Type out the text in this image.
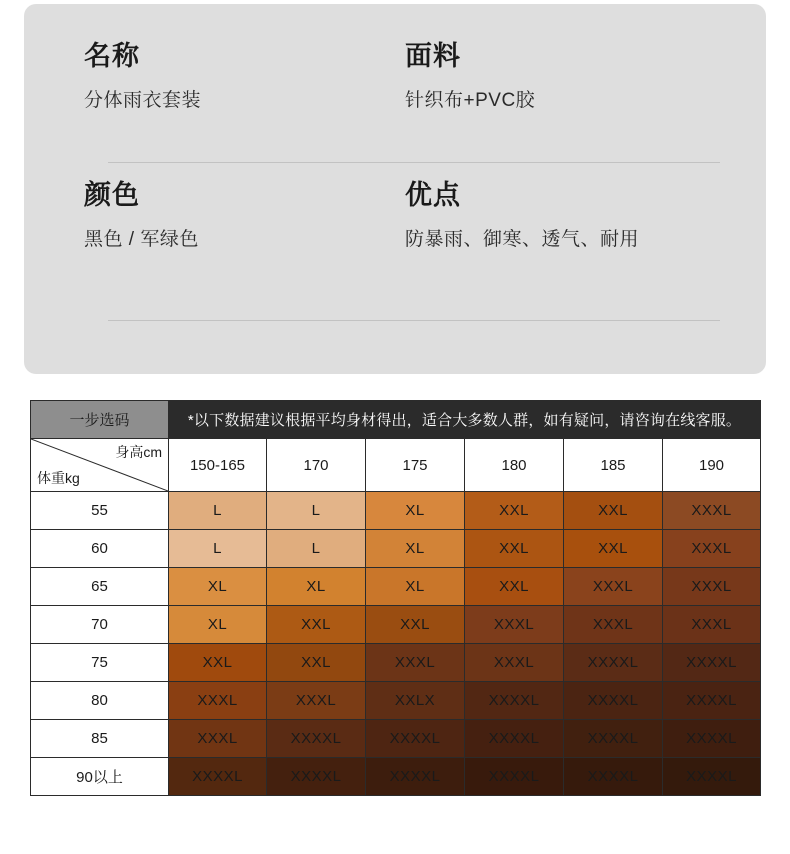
名称
分体雨衣套装
面料
针织布+PVC胶
颜色
黑色 / 军绿色
优点
防暴雨、御寒、透气、耐用
一步选码	*以下数据建议根据平均身材得出，适合大多数人群，如有疑问，请咨询在线客服。					

身高cm
体重kg	150-165	170	175	180	185	190
55	L	L	XL	XXL	XXL	XXXL
60	L	L	XL	XXL	XXL	XXXL
65	XL	XL	XL	XXL	XXXL	XXXL
70	XL	XXL	XXL	XXXL	XXXL	XXXL
75	XXL	XXL	XXXL	XXXL	XXXXL	XXXXL
80	XXXL	XXXL	XXLX	XXXXL	XXXXL	XXXXL
85	XXXL	XXXXL	XXXXL	XXXXL	XXXXL	XXXXL
90以上	XXXXL	XXXXL	XXXXL	XXXXL	XXXXL	XXXXL
